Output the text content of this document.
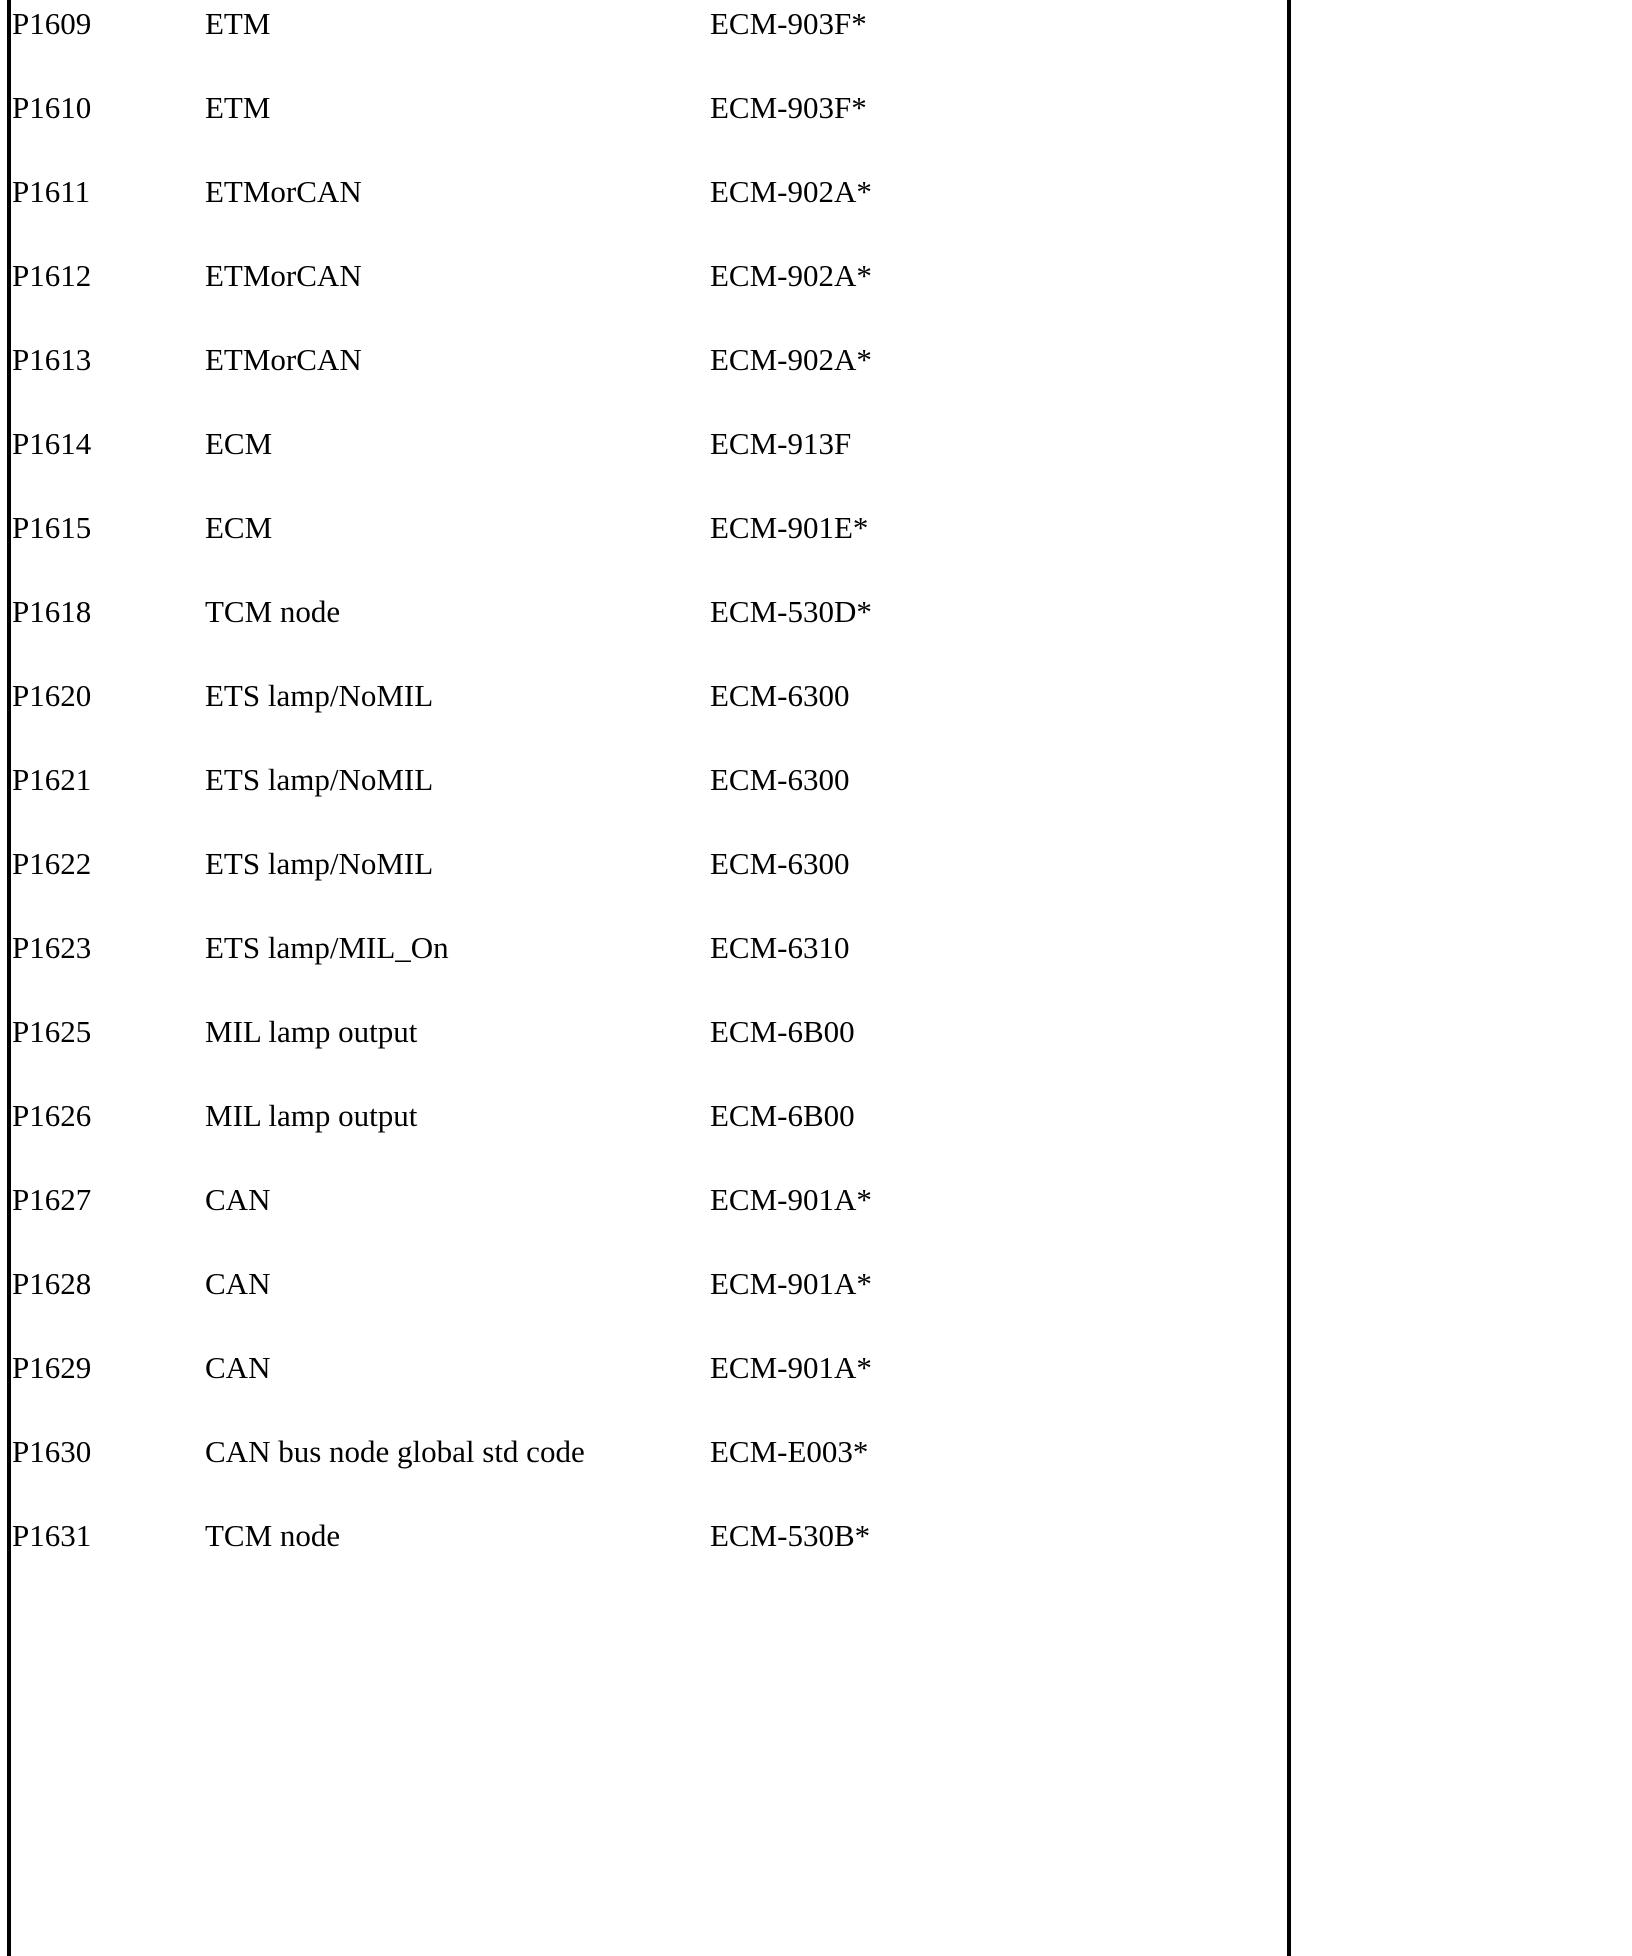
P1609	ETM	ECM-903F*
P1610	ETM	ECM-903F*
P1611	ETMorCAN	ECM-902A*
P1612	ETMorCAN	ECM-902A*
P1613	ETMorCAN	ECM-902A*
P1614	ECM	ECM-913F
P1615	ECM	ECM-901E*
P1618	TCM node	ECM-530D*
P1620	ETS lamp/NoMIL	ECM-6300
P1621	ETS lamp/NoMIL	ECM-6300
P1622	ETS lamp/NoMIL	ECM-6300
P1623	ETS lamp/MIL_On	ECM-6310
P1625	MIL lamp output	ECM-6B00
P1626	MIL lamp output	ECM-6B00
P1627	CAN	ECM-901A*
P1628	CAN	ECM-901A*
P1629	CAN	ECM-901A*
P1630	CAN bus node global std code	ECM-E003*
P1631	TCM node	ECM-530B*
